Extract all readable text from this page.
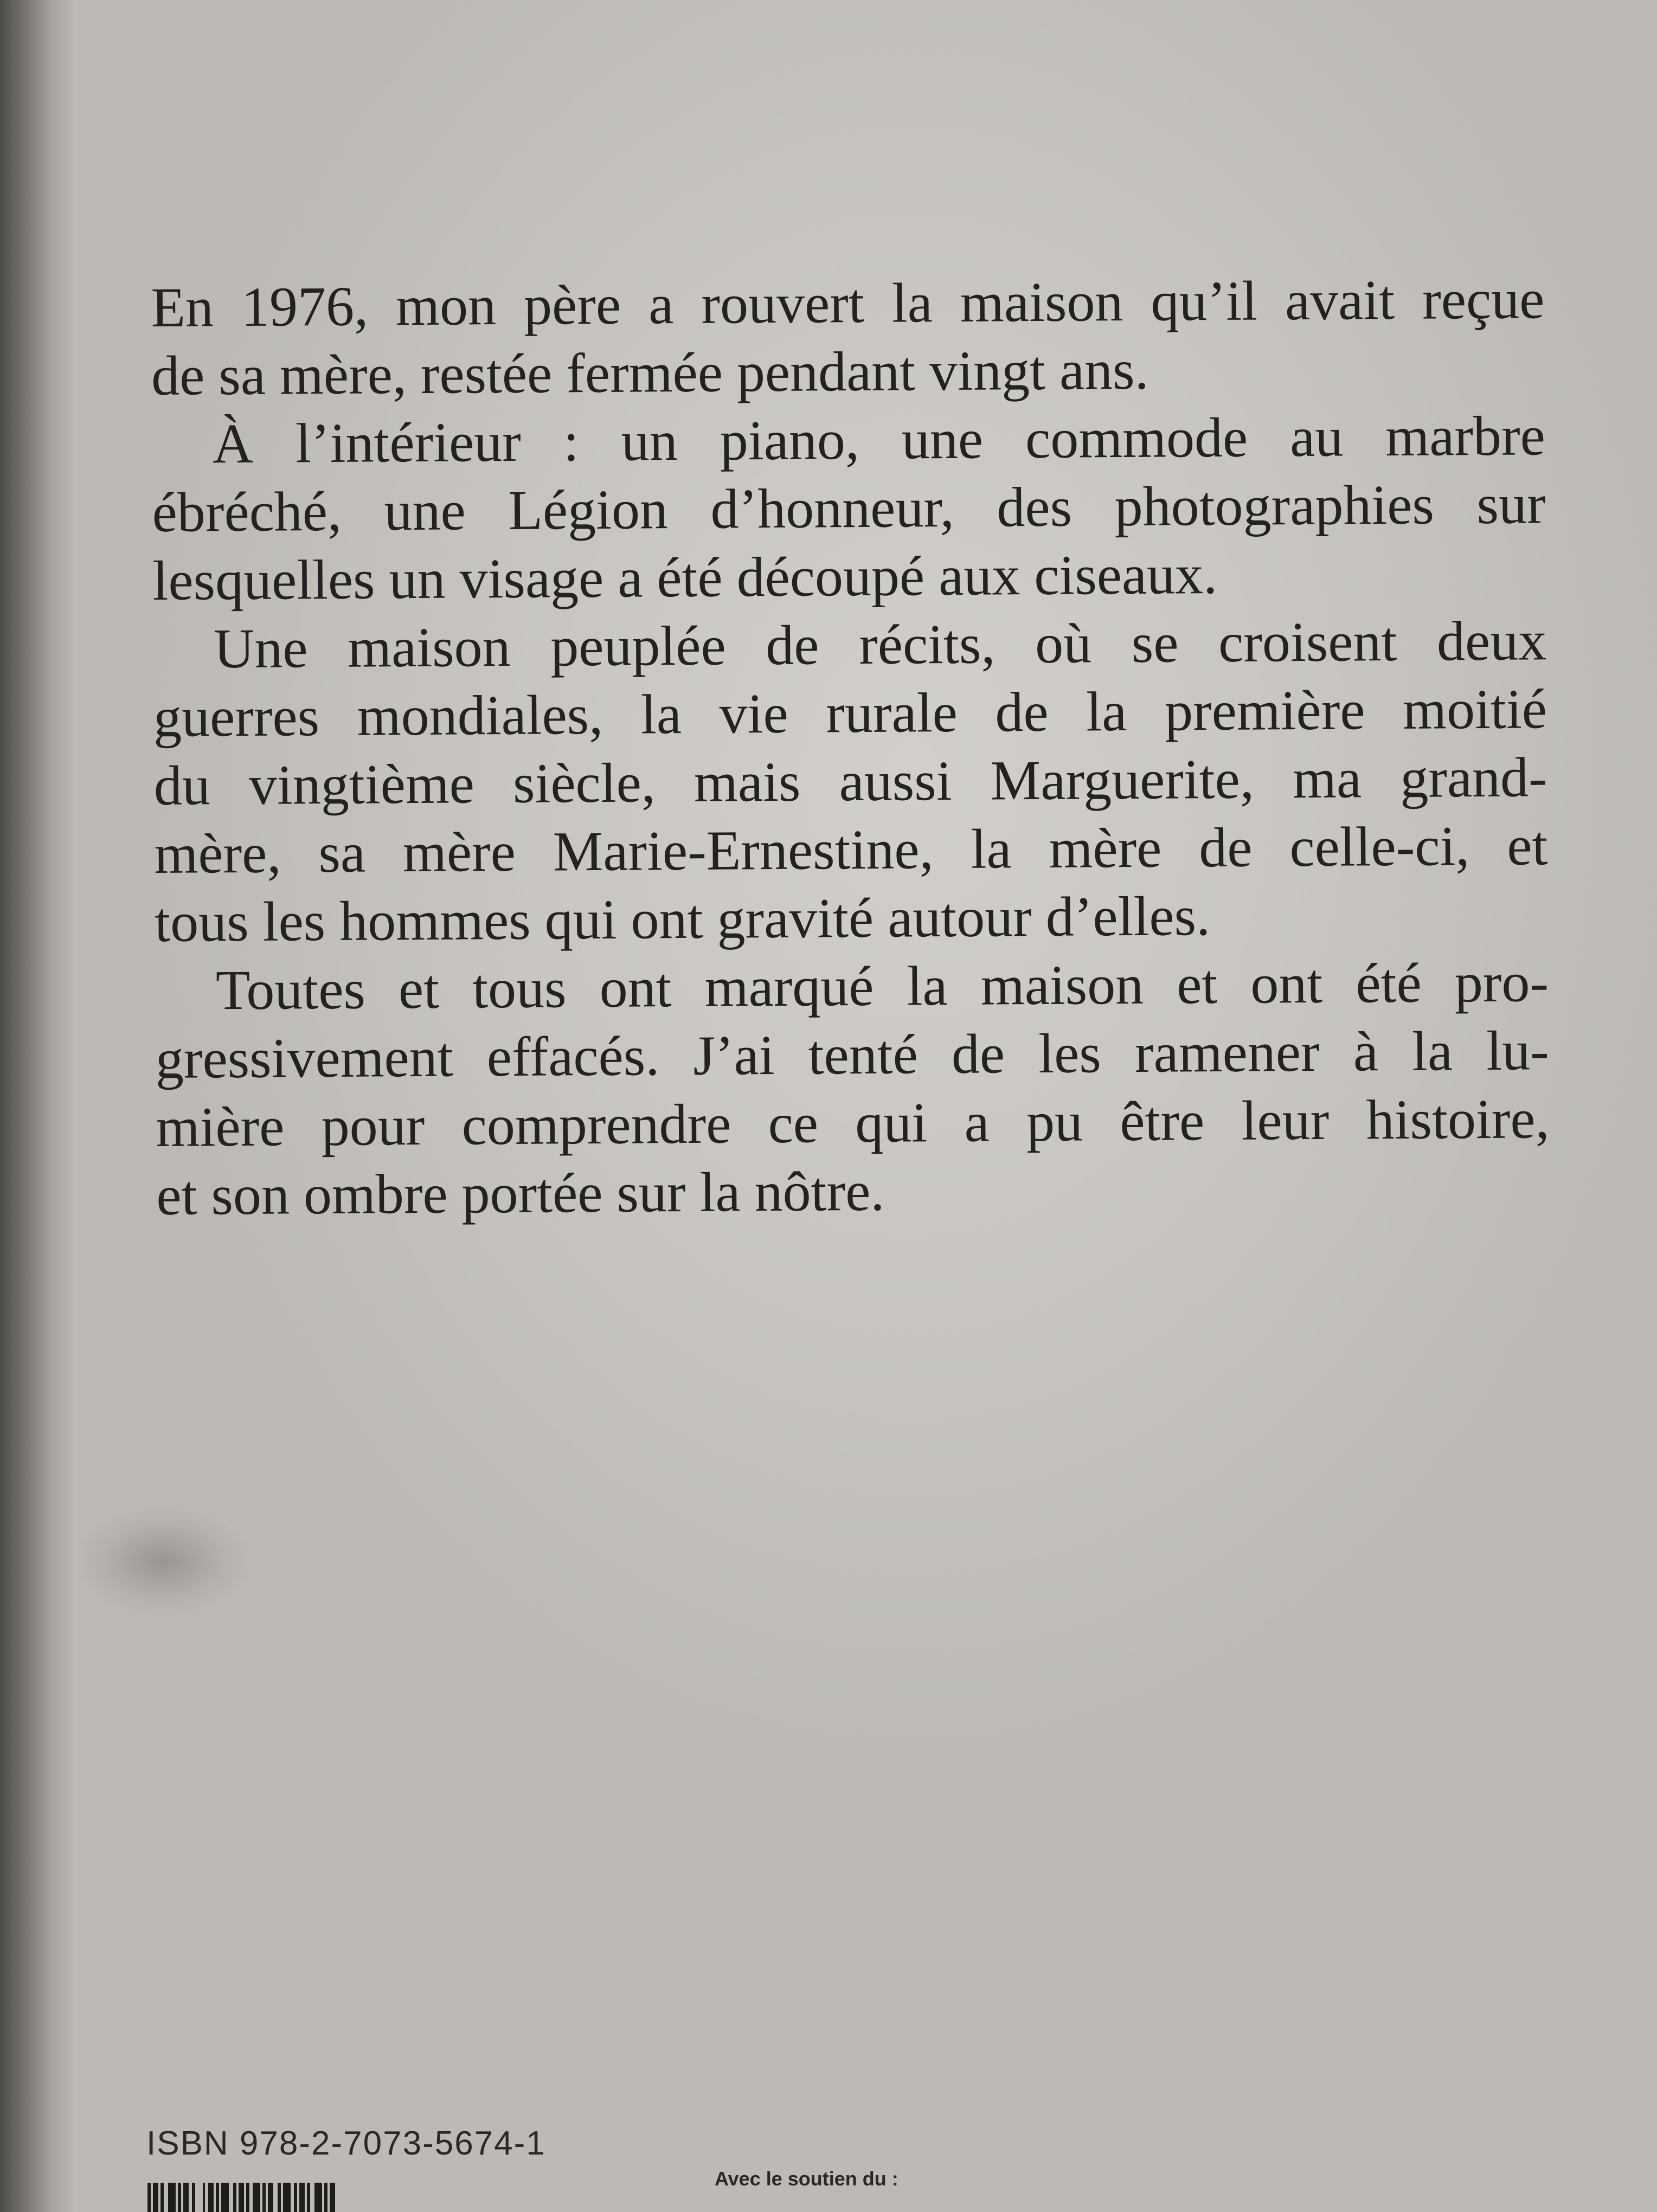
En 1976, mon père a rouvert la maison qu’il avait reçue
de sa mère, restée fermée pendant vingt ans.
À l’intérieur : un piano, une commode au marbre
ébréché, une Légion d’honneur, des photographies sur
lesquelles un visage a été découpé aux ciseaux.
Une maison peuplée de récits, où se croisent deux
guerres mondiales, la vie rurale de la première moitié
du vingtième siècle, mais aussi Marguerite, ma grand-
mère, sa mère Marie-Ernestine, la mère de celle-ci, et
tous les hommes qui ont gravité autour d’elles.
Toutes et tous ont marqué la maison et ont été pro-
gressivement effacés. J’ai tenté de les ramener à la lu-
mière pour comprendre ce qui a pu être leur histoire,
et son ombre portée sur la nôtre.
ISBN 978-2-7073-5674-1
Avec le soutien du :
